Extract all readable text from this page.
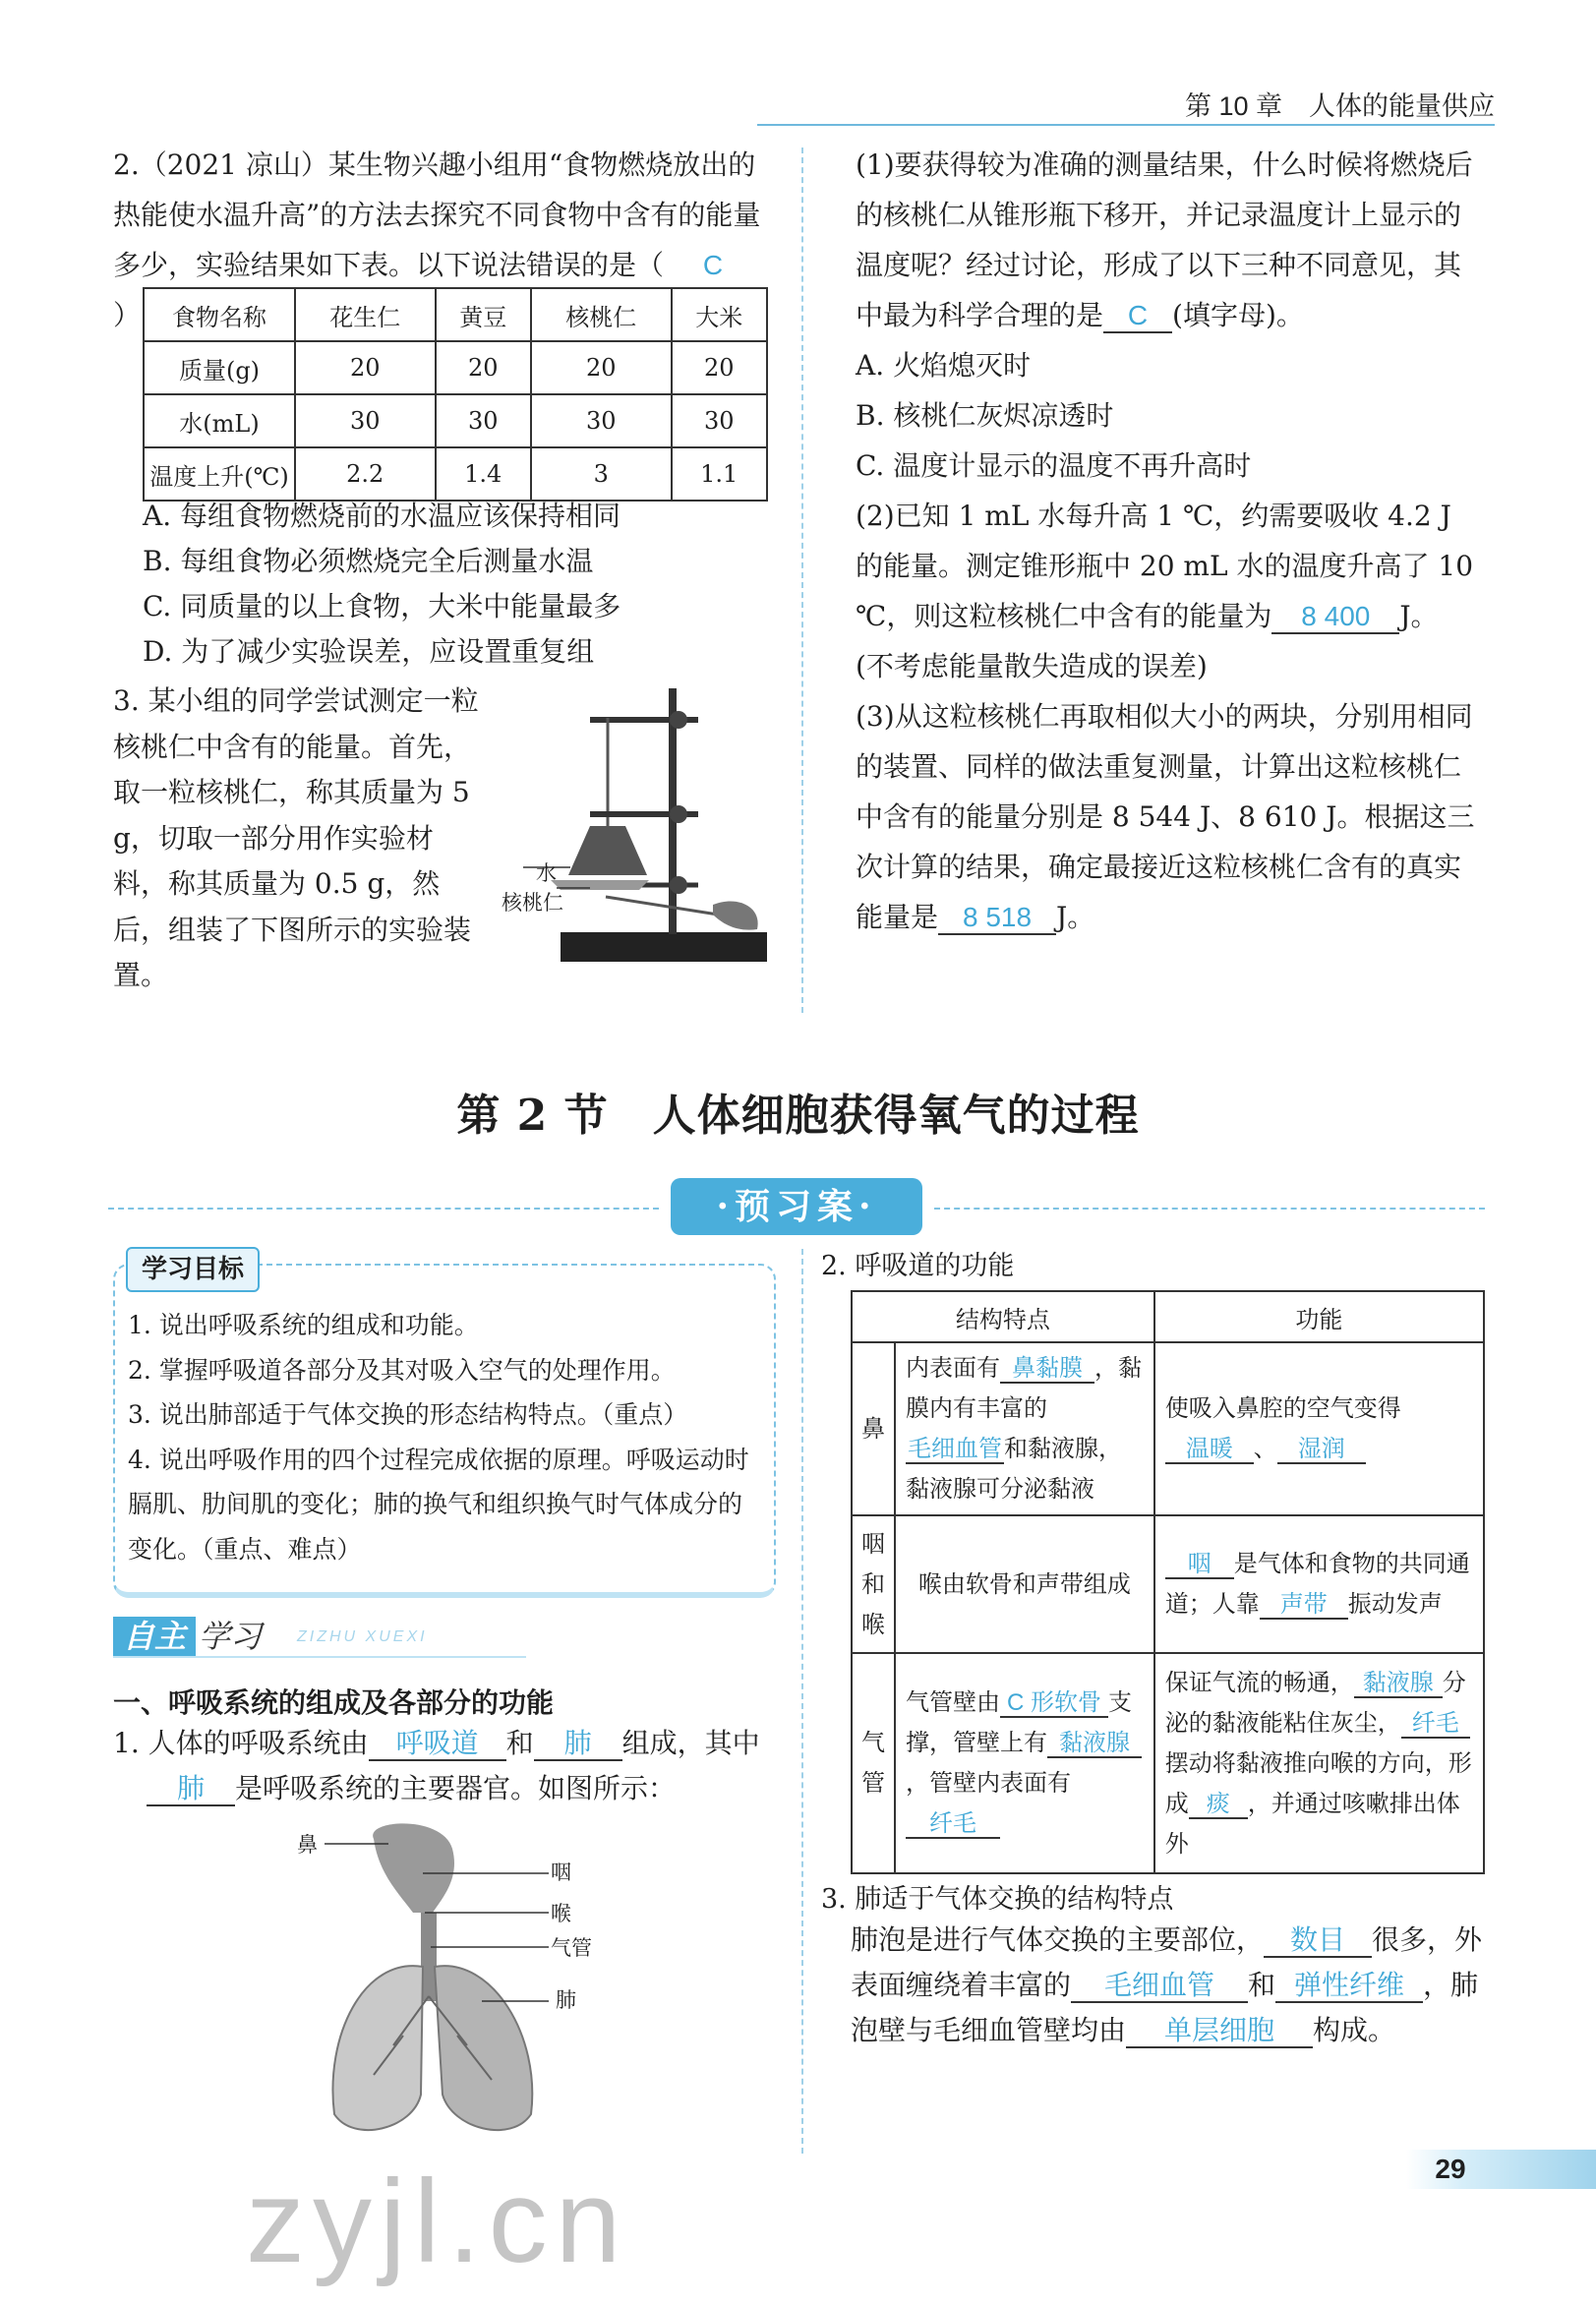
第 10 章　人体的能量供应
2.（2021 凉山）某生物兴趣小组用“食物燃烧放出的热能使水温升高”的方法去探究不同食物中含有的能量多少，实验结果如下表。以下说法错误的是（ C）	食物名称	花生仁	黄豆	核桃仁	大米
质量(g)	20	20	20	20
水(mL)	30	30	30	30
温度上升(℃)	2.2	1.4	3	1.1

A. 每组食物燃烧前的水温应该保持相同

B. 每组食物必须燃烧完全后测量水温

C. 同质量的以上食物，大米中能量最多

D. 为了减少实验误差，应设置重复组

3. 某小组的同学尝试测定一粒核桃仁中含有的能量。首先，取一粒核桃仁，称其质量为 5 g，切取一部分用作实验材料，称其质量为 0.5 g，然后，组装了下图所示的实验装置。
水
核桃仁

(1)要获得较为准确的测量结果，什么时候将燃烧后的核桃仁从锥形瓶下移开，并记录温度计上显示的温度呢？经过讨论，形成了以下三种不同意见，其中最为科学合理的是 C (填字母)。

A. 火焰熄灭时

B. 核桃仁灰烬凉透时

C. 温度计显示的温度不再升高时

(2)已知 1 mL 水每升高 1 ℃，约需要吸收 4.2 J 的能量。测定锥形瓶中 20 mL 水的温度升高了 10 ℃，则这粒核桃仁中含有的能量为 8 400 J。

(不考虑能量散失造成的误差)

(3)从这粒核桃仁再取相似大小的两块，分别用相同的装置、同样的做法重复测量，计算出这粒核桃仁中含有的能量分别是 8 544 J、8 610 J。根据这三次计算的结果，确定最接近这粒核桃仁含有的真实能量是 8 518 J。

第 2 节　人体细胞获得氧气的过程
·预习案·
学习目标
1. 说出呼吸系统的组成和功能。
2. 掌握呼吸道各部分及其对吸入空气的处理作用。
3. 说出肺部适于气体交换的形态结构特点。（重点）
4. 说出呼吸作用的四个过程完成依据的原理。呼吸运动时膈肌、肋间肌的变化；肺的换气和组织换气时气体成分的变化。（重点、难点）
自主 学习 ZIZHU XUEXI
一、呼吸系统的组成及各部分的功能
1. 人体的呼吸系统由 呼吸道 和 肺 组成，其中
肺 是呼吸系统的主要器官。如图所示：
鼻
咽
喉
气管
肺
2. 呼吸道的功能
结构特点		功能
鼻	内表面有 鼻黏膜 ，黏膜内有丰富的毛细血管和黏液腺，黏液腺可分泌黏液	使吸入鼻腔的空气变得温暖 、 湿润
咽和喉	喉由软骨和声带组成	咽 是气体和食物的共同通道；人靠 声带 振动发声
气管	气管壁由 C 形软骨 支撑，管壁上有 黏液腺，管壁内表面有纤毛	保证气流的畅通， 黏液腺 分泌的黏液能粘住灰尘， 纤毛摆动将黏液推向喉的方向，形成 痰 ，并通过咳嗽排出体外
3. 肺适于气体交换的结构特点
肺泡是进行气体交换的主要部位， 数目 很多，外表面缠绕着丰富的 毛细血管 和 弹性纤维 ，肺泡壁与毛细血管壁均由 单层细胞 构成。
29
zyjl.cn
